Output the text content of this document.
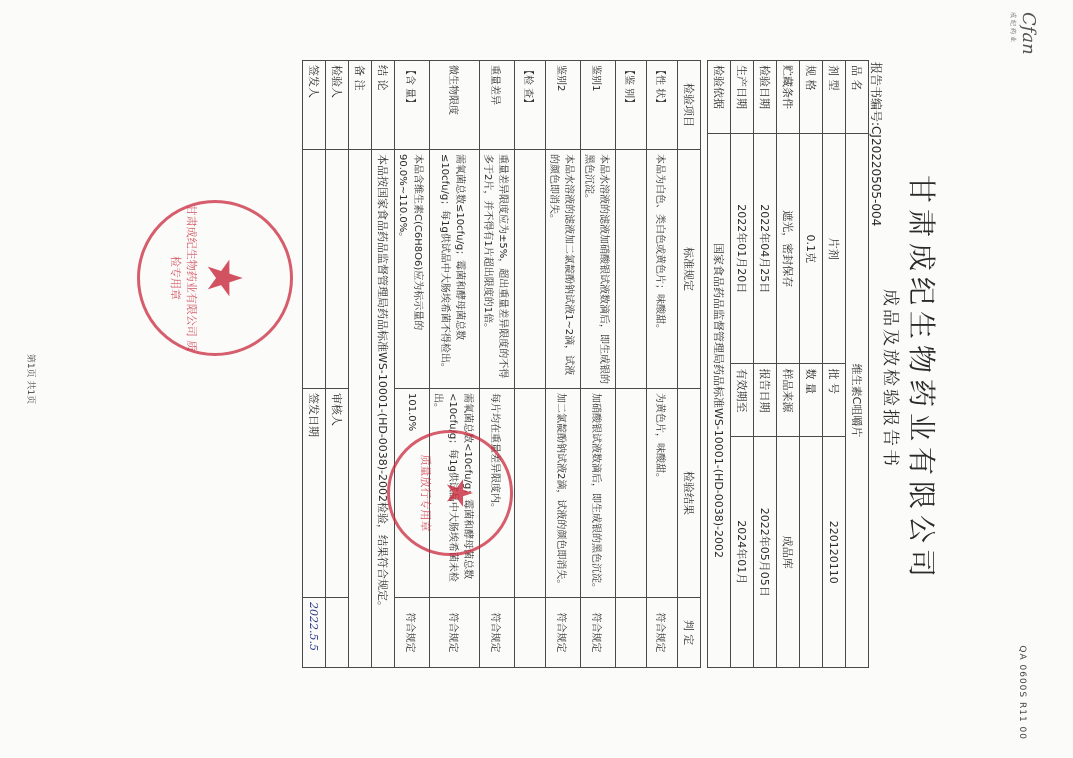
Cfan
成纪药业
QA 0600S R11 00
甘肃成纪生物药业有限公司
成品及放检验报告书
报告书编号:CJ20220505-004
品 名	维生素C咀嚼片		
剂 型	片剂	批 号	220120110
规 格	0.1克	数 量	
贮藏条件	遮光，密封保存	样品来源	成品库
检验日期	2022年04月25日	报告日期	2022年05月05日
生产日期	2022年01月20日	有效期至	2024年01月
检验依据	国家食品药品监督管理局药品标准WS-10001-(HD-0038)-2002		
检验项目	标准规定	检验结果	判 定
【性 状】	本品为白色、类白色或黄色片；味酸甜。	为黄色片，味酸甜。	符合规定
【鉴 别】			
鉴别1	本品水溶液的滤液加硝酸银试液数滴后，即生成银的黑色沉淀。	加硝酸银试液数滴后，即生成银的黑色沉淀。	符合规定
鉴别2	本品水溶液的滤液加二氯靛酚钠试液1~2滴，试液的颜色即消失。	加二氯靛酚钠试液2滴，试液的颜色即消失。	符合规定
【检 查】			
重量差异	重量差异限度应为±5%，超出重量差异限度的不得多于2片，并不得有1片超出限度的1倍。	每片均在重量差异限度内。	符合规定
微生物限度	需氧菌总数≤10cfu/g；霉菌和酵母菌总数≤10cfu/g；每1g供试品中大肠埃希菌不得检出。	需氧菌总数<10cfu/g；霉菌和酵母菌总数<10cfu/g；每1g供试品中大肠埃希菌未检出。	符合规定
【含 量】	本品含维生素C(C6H8O6)应为标示量的90.0%~110.0%。	101.0%	符合规定
结 论	本品按国家食品药品监督管理局药品标准WS-10001-(HD-0038)-2002检验，结果符合规定。		
备 注			
检验人		审核人	
签发人		签发日期	2022.5.5
★
甘肃成纪生物药业有限公司 质检专用章
★
质量放行专用章
第1页 共1页
